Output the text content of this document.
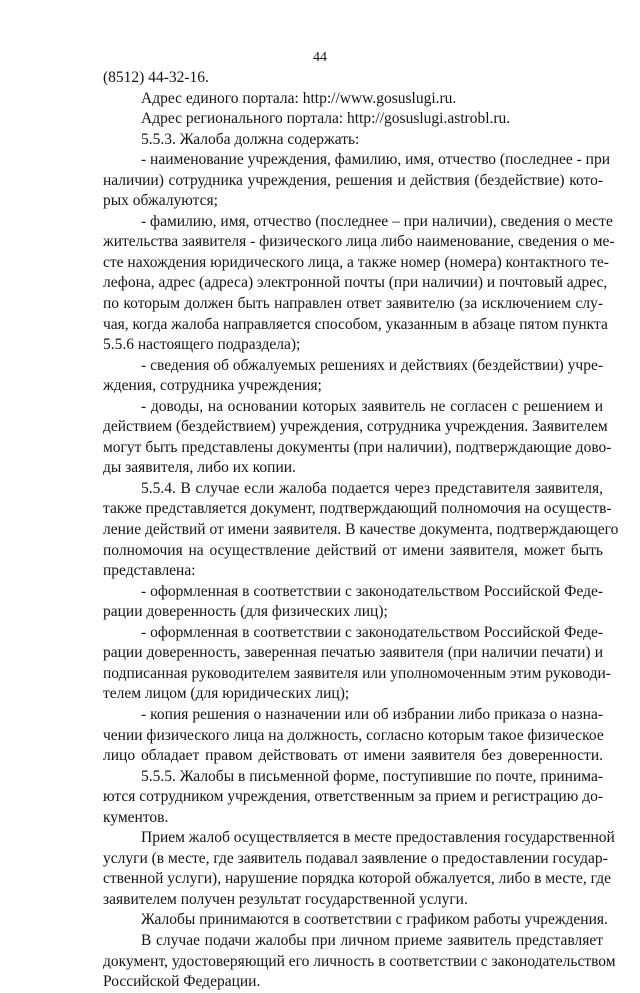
44
(8512) 44-32-16.
Адрес единого портала: http://www.gosuslugi.ru.
Адрес регионального портала: http://gosuslugi.astrobl.ru.
5.5.3. Жалоба должна содержать:
- наименование учреждения, фамилию, имя, отчество (последнее - при
наличии) сотрудника учреждения, решения и действия (бездействие) кото-
рых обжалуются;
- фамилию, имя, отчество (последнее – при наличии), сведения о месте
жительства заявителя - физического лица либо наименование, сведения о ме-
сте нахождения юридического лица, а также номер (номера) контактного те-
лефона, адрес (адреса) электронной почты (при наличии) и почтовый адрес,
по которым должен быть направлен ответ заявителю (за исключением слу-
чая, когда жалоба направляется способом, указанным в абзаце пятом пункта
5.5.6 настоящего подраздела);
- сведения об обжалуемых решениях и действиях (бездействии) учре-
ждения, сотрудника учреждения;
- доводы, на основании которых заявитель не согласен с решением и
действием (бездействием) учреждения, сотрудника учреждения. Заявителем
могут быть представлены документы (при наличии), подтверждающие дово-
ды заявителя, либо их копии.
5.5.4. В случае если жалоба подается через представителя заявителя,
также представляется документ, подтверждающий полномочия на осуществ-
ление действий от имени заявителя. В качестве документа, подтверждающего
полномочия на осуществление действий от имени заявителя, может быть
представлена:
- оформленная в соответствии с законодательством Российской Феде-
рации доверенность (для физических лиц);
- оформленная в соответствии с законодательством Российской Феде-
рации доверенность, заверенная печатью заявителя (при наличии печати) и
подписанная руководителем заявителя или уполномоченным этим руководи-
телем лицом (для юридических лиц);
- копия решения о назначении или об избрании либо приказа о назна-
чении физического лица на должность, согласно которым такое физическое
лицо обладает правом действовать от имени заявителя без доверенности.
5.5.5. Жалобы в письменной форме, поступившие по почте, принима-
ются сотрудником учреждения, ответственным за прием и регистрацию до-
кументов.
Прием жалоб осуществляется в месте предоставления государственной
услуги (в месте, где заявитель подавал заявление о предоставлении государ-
ственной услуги), нарушение порядка которой обжалуется, либо в месте, где
заявителем получен результат государственной услуги.
Жалобы принимаются в соответствии с графиком работы учреждения.
В случае подачи жалобы при личном приеме заявитель представляет
документ, удостоверяющий его личность в соответствии с законодательством
Российской Федерации.
